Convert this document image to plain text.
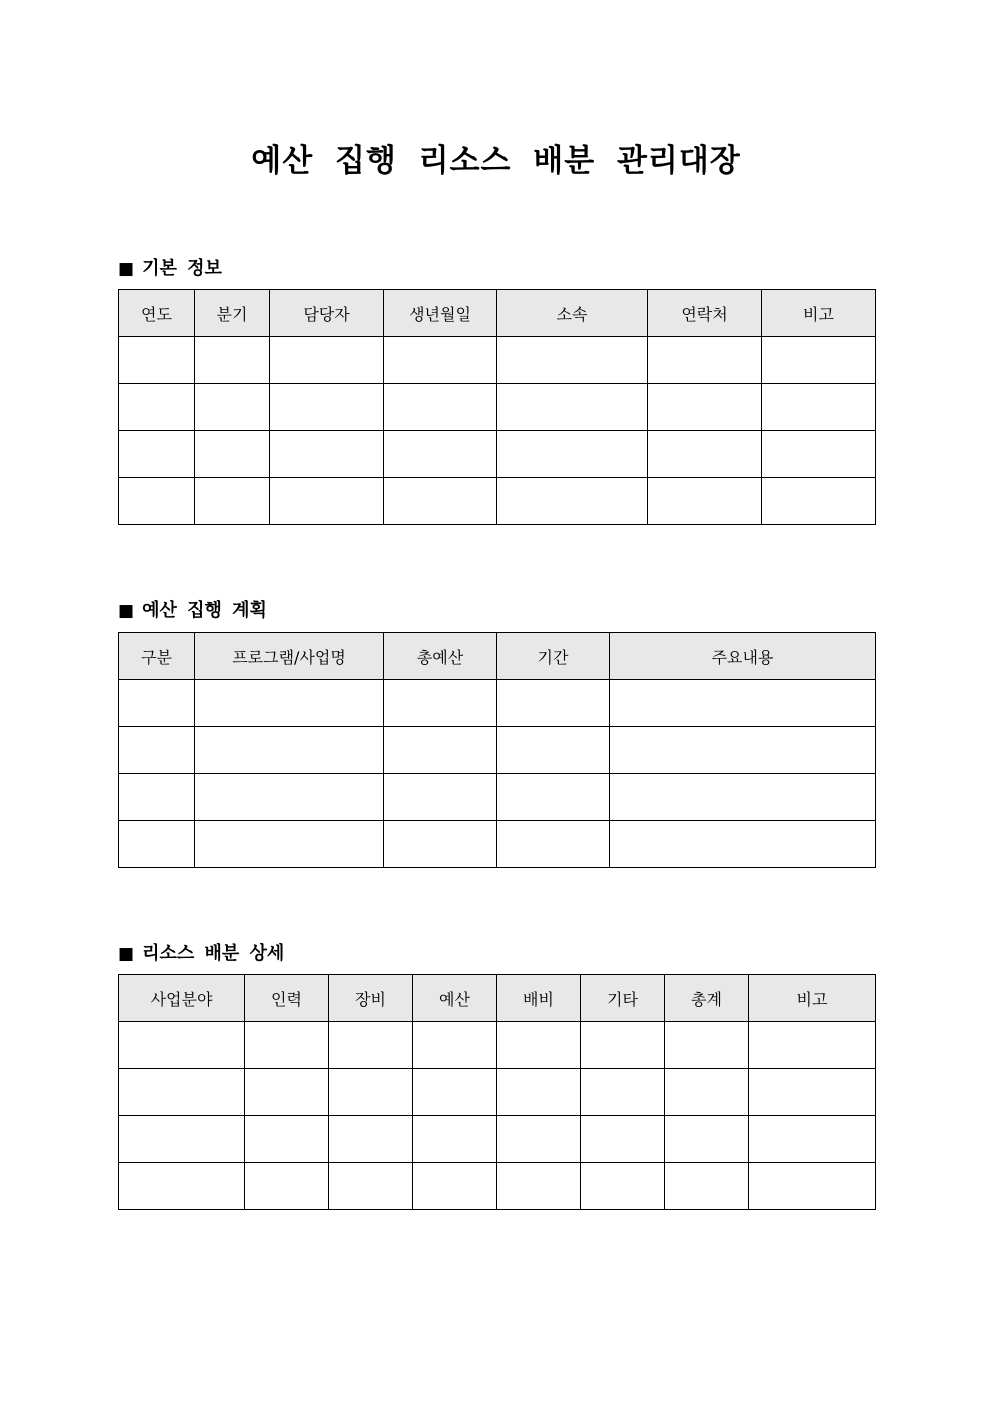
예산 집행 리소스 배분 관리대장
■ 기본 정보
연도	분기	담당자	생년월일	소속	연락처	비고

■ 예산 집행 계획
구분	프로그램/사업명	총예산	기간	주요내용

■ 리소스 배분 상세
사업분야	인력	장비	예산	배비	기타	총계	비고
